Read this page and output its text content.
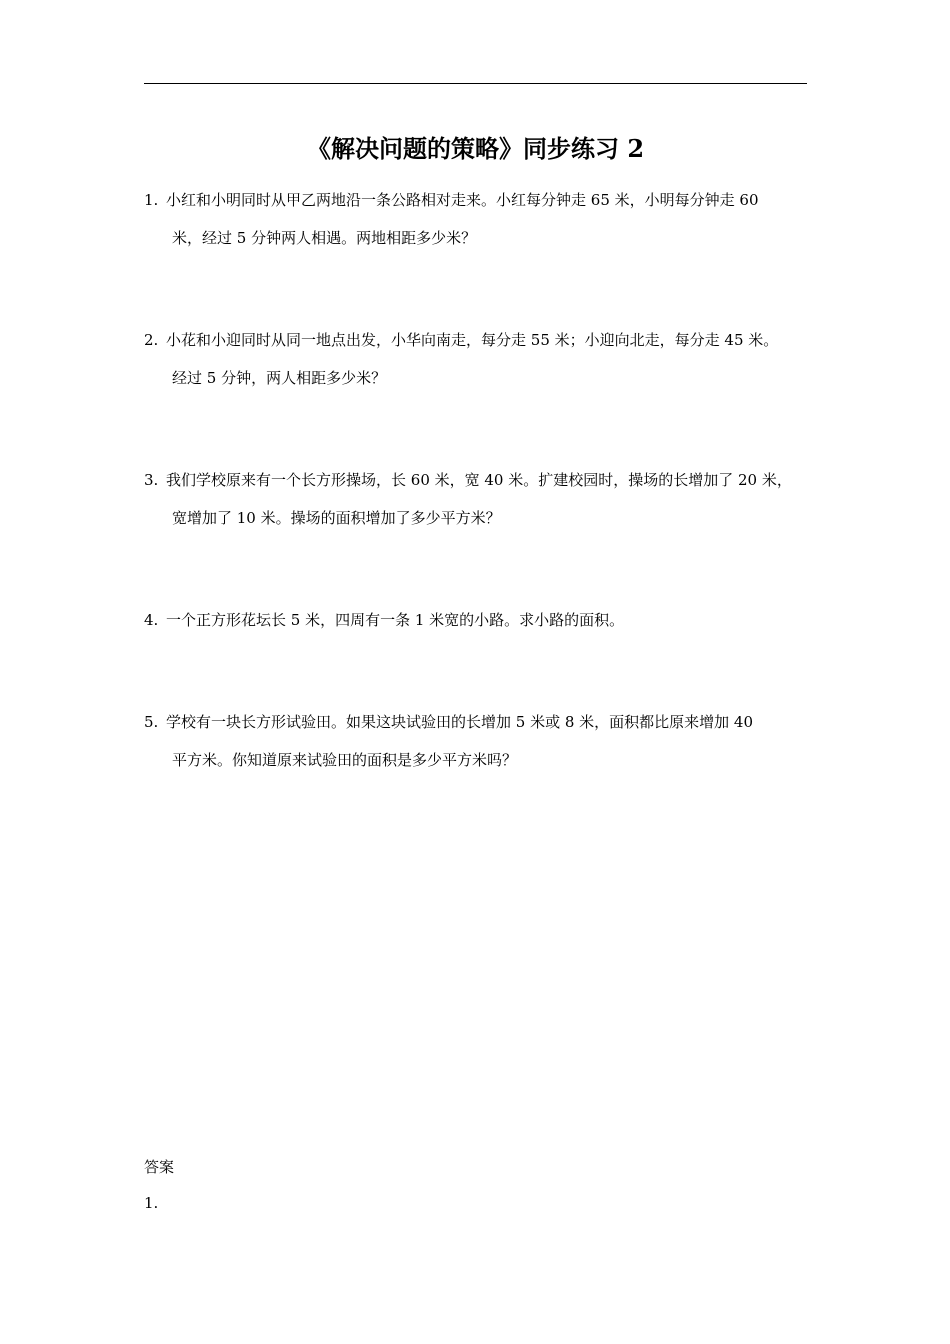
《解决问题的策略》同步练习 2
1. 小红和小明同时从甲乙两地沿一条公路相对走来。小红每分钟走 65 米，小明每分钟走 60
米，经过 5 分钟两人相遇。两地相距多少米？
2. 小花和小迎同时从同一地点出发，小华向南走，每分走 55 米；小迎向北走，每分走 45 米。
经过 5 分钟，两人相距多少米？
3. 我们学校原来有一个长方形操场，长 60 米，宽 40 米。扩建校园时，操场的长增加了 20 米，
宽增加了 10 米。操场的面积增加了多少平方米？
4. 一个正方形花坛长 5 米，四周有一条 1 米宽的小路。求小路的面积。
5. 学校有一块长方形试验田。如果这块试验田的长增加 5 米或 8 米，面积都比原来增加 40
平方米。你知道原来试验田的面积是多少平方米吗？
答案
1.
